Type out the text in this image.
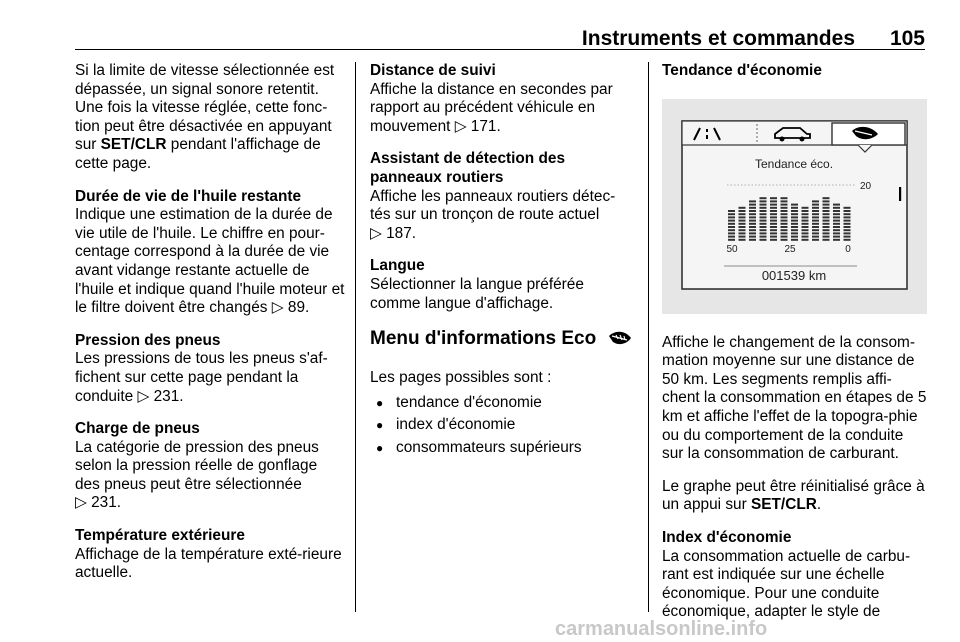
Instruments et commandes 105

Si la limite de vitesse sélectionnée est dépassée, un signal sonore retentit. Une fois la vitesse réglée, cette fonc-tion peut être désactivée en appuyant sur SET/CLR pendant l'affichage de cette page.

Durée de vie de l'huile restante
Indique une estimation de la durée de vie utile de l'huile. Le chiffre en pour-centage correspond à la durée de vie avant vidange restante actuelle de l'huile et indique quand l'huile moteur et le filtre doivent être changés ▷ 89.

Pression des pneus
Les pressions de tous les pneus s'af-fichent sur cette page pendant la conduite ▷ 231.

Charge de pneus
La catégorie de pression des pneus selon la pression réelle de gonflage des pneus peut être sélectionnée
▷ 231.

Température extérieure
Affichage de la température exté-rieure actuelle.

Distance de suivi
Affiche la distance en secondes par rapport au précédent véhicule en mouvement ▷ 171.

Assistant de détection des panneaux routiers
Affiche les panneaux routiers détec-tés sur un tronçon de route actuel
▷ 187.

Langue
Sélectionner la langue préférée comme langue d'affichage.

Menu d'informations Eco

Les pages possibles sont :

● tendance d'économie
● index d'économie
● consommateurs supérieurs
Tendance d'économie
Tendance éco.
20
50	25	0
001539 km

Affiche le changement de la consom-mation moyenne sur une distance de 50 km. Les segments remplis affi-chent la consommation en étapes de 5 km et affiche l'effet de la topogra-phie ou du comportement de la conduite sur la consommation de carburant.

Le graphe peut être réinitialisé grâce à un appui sur SET/CLR.

Index d'économie
La consommation actuelle de carbu-rant est indiquée sur une échelle économique. Pour une conduite économique, adapter le style de

carmanualsonline.info
